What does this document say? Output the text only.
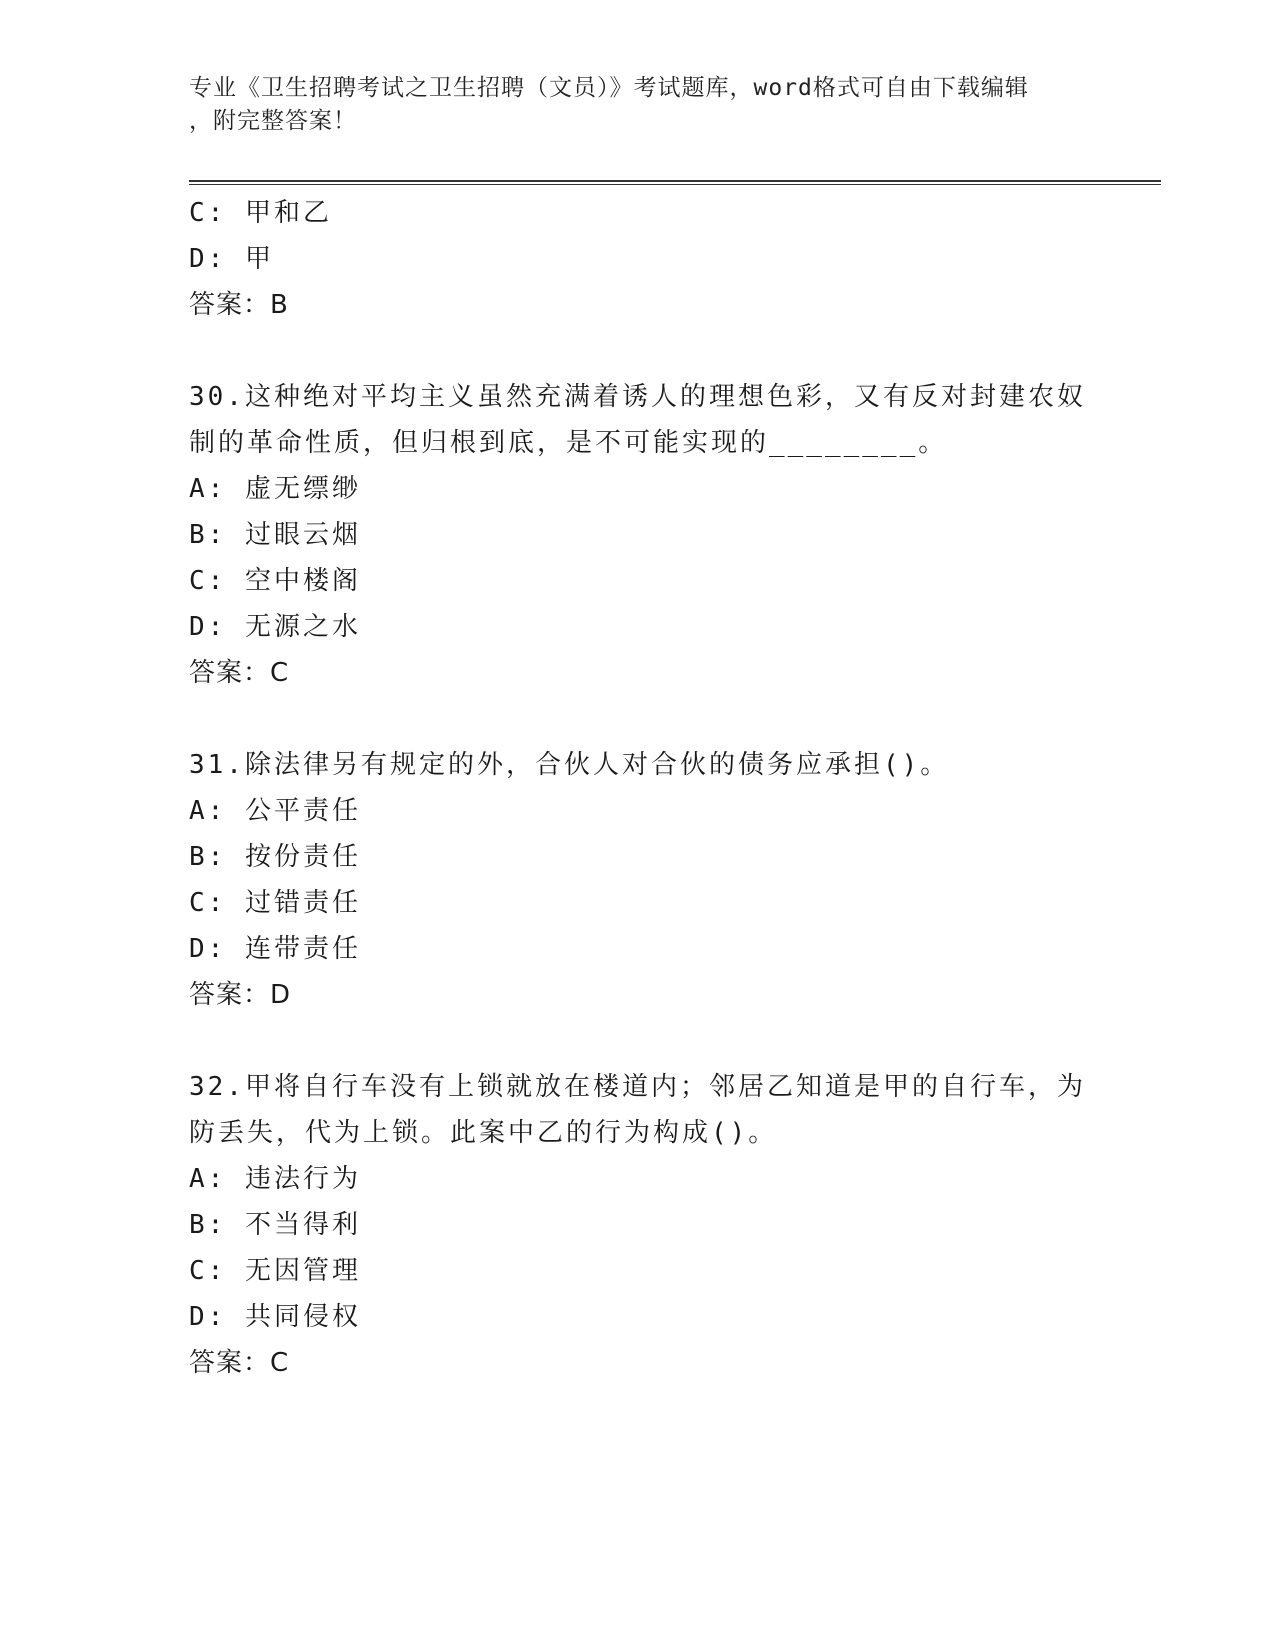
专业《卫生招聘考试之卫生招聘（文员）》考试题库，word格式可自由下载编辑
，附完整答案！
C: 甲和乙
D: 甲
答案：B
30.这种绝对平均主义虽然充满着诱人的理想色彩，又有反对封建农奴
制的革命性质，但归根到底，是不可能实现的________。
A: 虚无缥缈
B: 过眼云烟
C: 空中楼阁
D: 无源之水
答案：C
31.除法律另有规定的外，合伙人对合伙的债务应承担()。
A: 公平责任
B: 按份责任
C: 过错责任
D: 连带责任
答案：D
32.甲将自行车没有上锁就放在楼道内；邻居乙知道是甲的自行车，为
防丢失，代为上锁。此案中乙的行为构成()。
A: 违法行为
B: 不当得利
C: 无因管理
D: 共同侵权
答案：C
